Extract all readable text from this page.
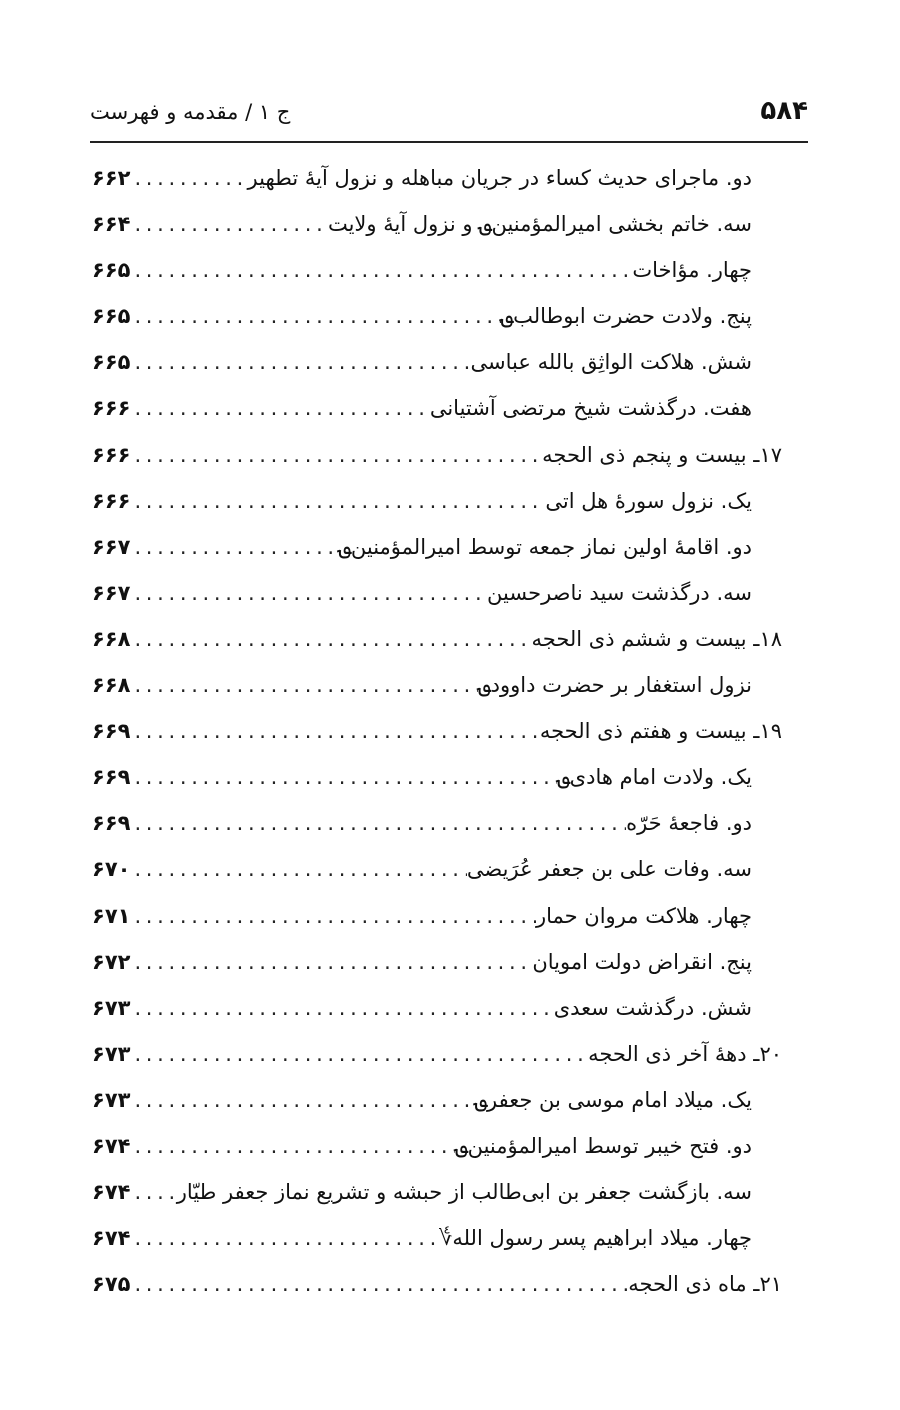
۵۸۴
ج ۱ / مقدمه و فهرست
دو. ماجرای حدیث کساء در جریان مباهله و نزول آیهٔ تطهیر
. . .
۶۶۲
سه. خاتم بخشی امیرالمؤمنین؈ و نزول آیهٔ ولایت
. . .
۶۶۴
چهار. مؤاخات
. . .
۶۶۵
پنج. ولادت حضرت ابوطالب؈
. . .
۶۶۵
شش. هلاکت الواثِق بالله عباسی
. . .
۶۶۵
هفت. درگذشت شیخ مرتضی آشتیانی
. . .
۶۶۶
۱۷ـ بیست و پنجم ذی الحجه
. . .
۶۶۶
یک. نزول سورهٔ هل اتی
. . .
۶۶۶
دو. اقامهٔ اولین نماز جمعه توسط امیرالمؤمنین؈
. . .
۶۶۷
سه. درگذشت سید ناصرحسین
. . .
۶۶۷
۱۸ـ بیست و ششم ذی الحجه
. . .
۶۶۸
نزول استغفار بر حضرت داوود؈
. . .
۶۶۸
۱۹ـ بیست و هفتم ذی الحجه
. . .
۶۶۹
یک. ولادت امام هادی؈
. . .
۶۶۹
دو. فاجعهٔ حَرّه
. . .
۶۶۹
سه. وفات علی بن جعفر عُرَیضی
. . .
۶۷۰
چهار. هلاکت مروان حمار
. . .
۶۷۱
پنج. انقراض دولت امویان
. . .
۶۷۲
شش. درگذشت سعدی
. . .
۶۷۳
۲۰ـ دههٔ آخر ذی الحجه
. . .
۶۷۳
یک. میلاد امام موسی بن جعفر؈
. . .
۶۷۳
دو. فتح خیبر توسط امیرالمؤمنین؈
. . .
۶۷۴
سه. بازگشت جعفر بن ابی‌طالب از حبشه و تشریع نماز جعفر طیّار
. . .
۶۷۴
چهار. میلاد ابراهیم پسر رسول الله؇
. . .
۶۷۴
۲۱ـ ماه ذی الحجه
. . .
۶۷۵
